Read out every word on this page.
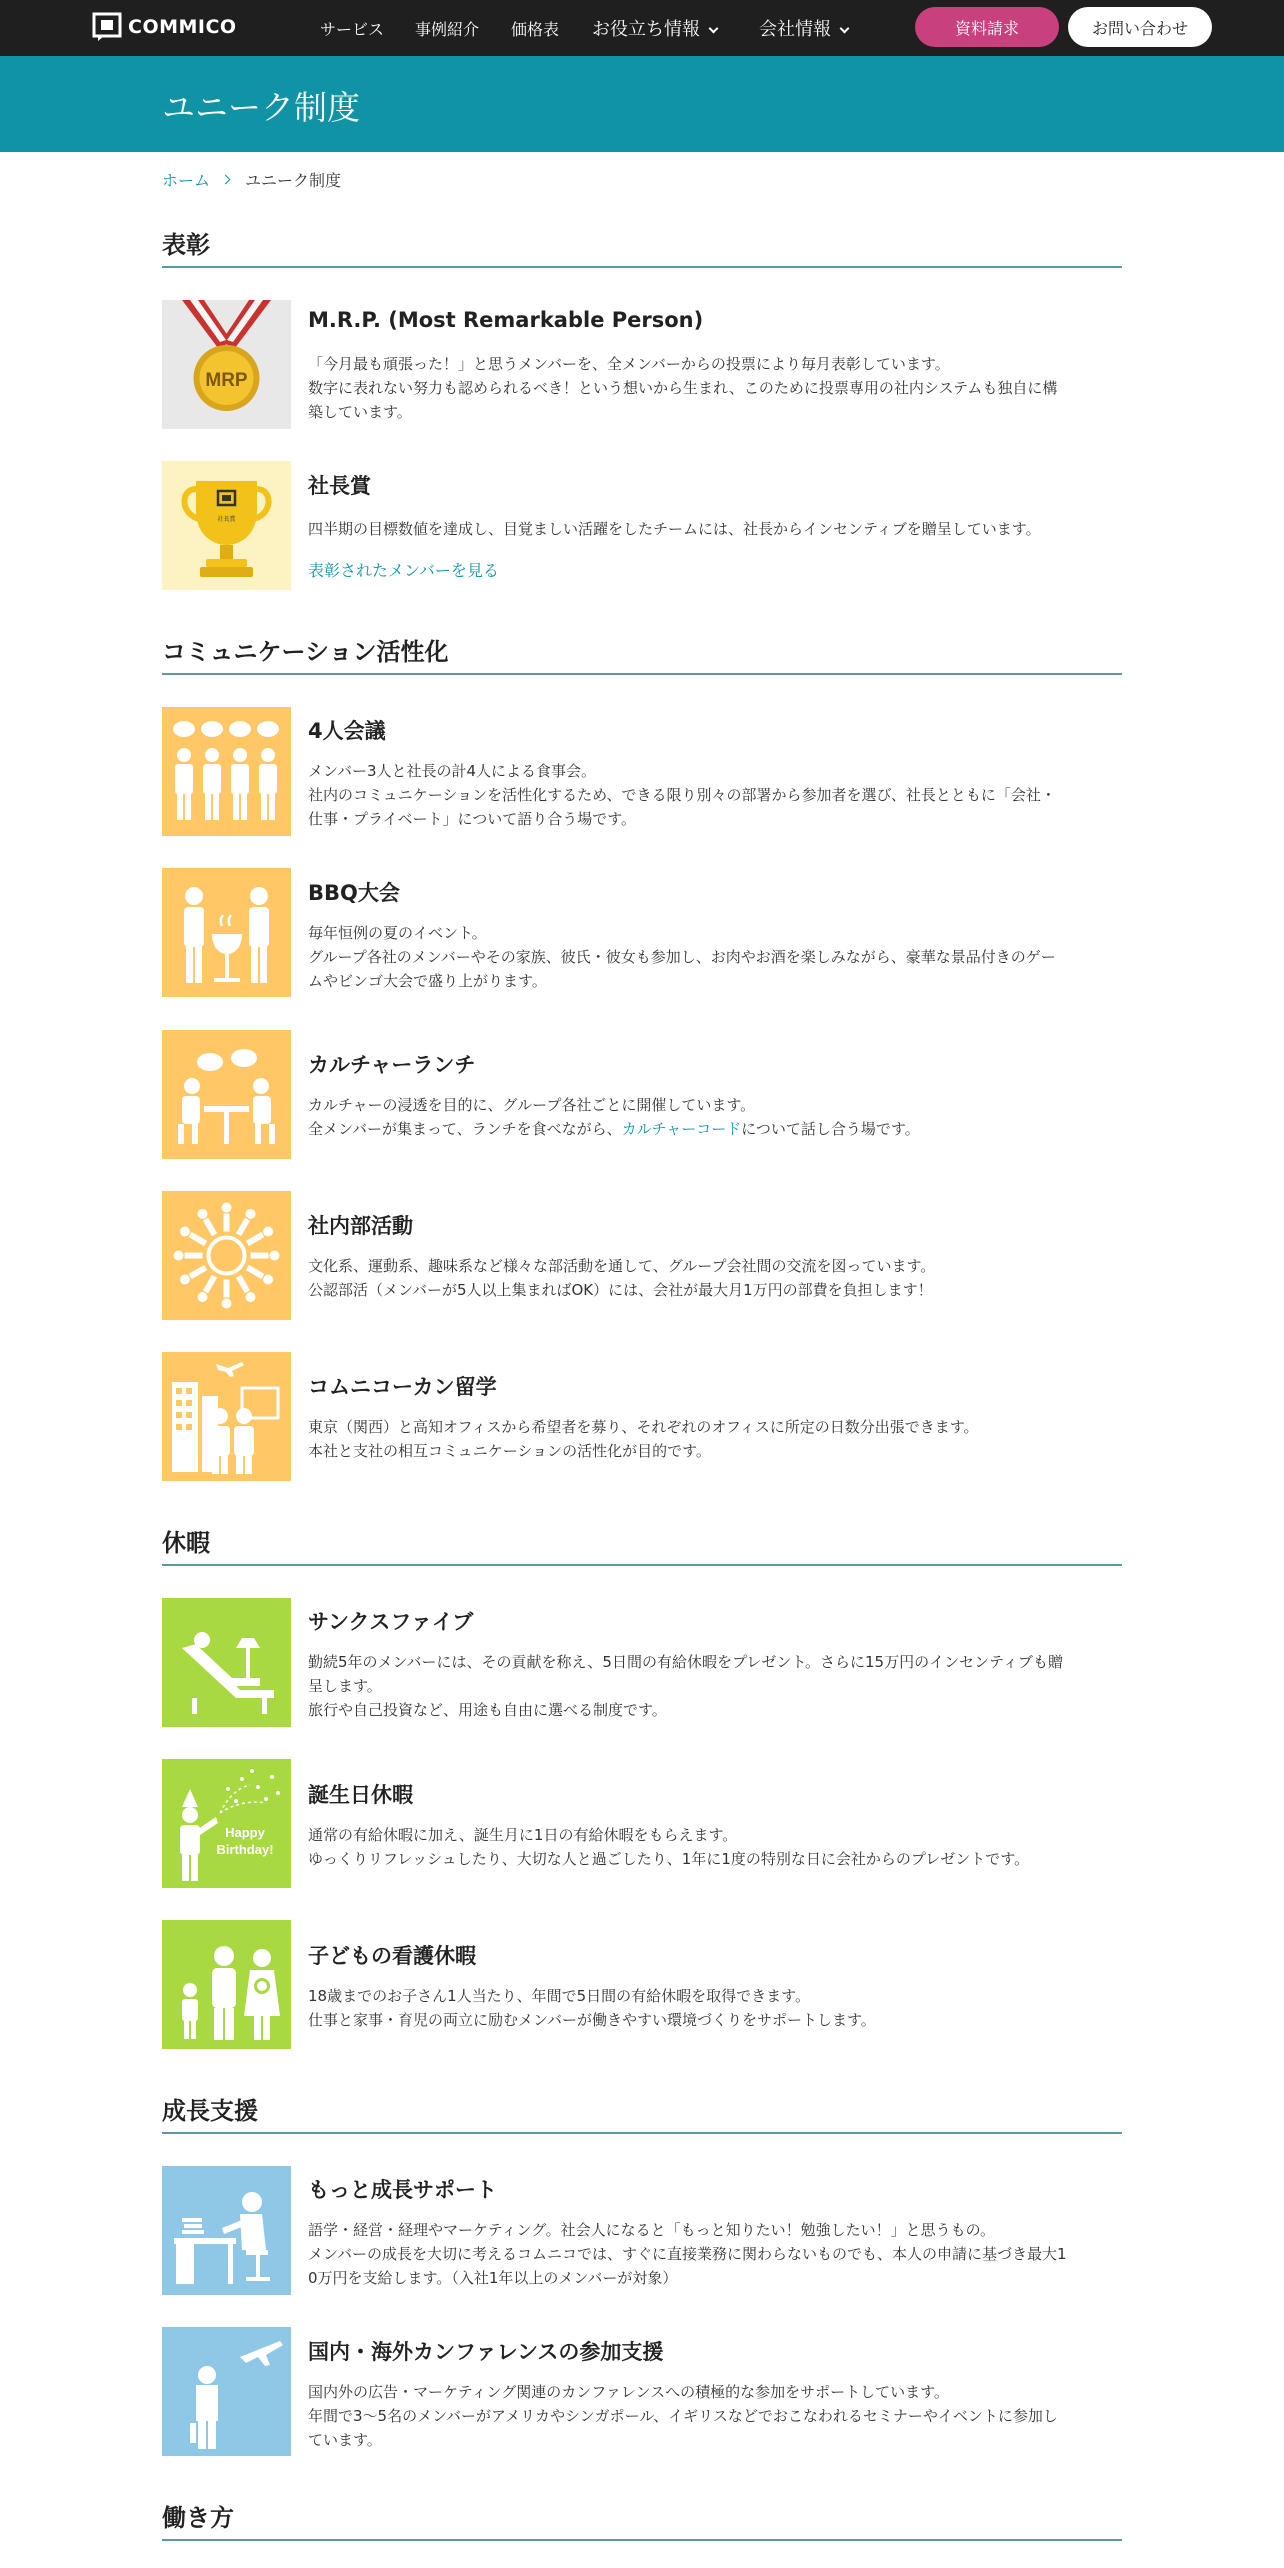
COMMICO	サービス 事例紹介 価格表 お役立ち情報	会社情報	資料請求	お問い合わせ
ユニーク制度
ホーム ユニーク制度
表彰
MRP
M.R.P. (Most Remarkable Person)
「今月最も頑張った！」と思うメンバーを、全メンバーからの投票により毎月表彰しています。
数字に表れない努力も認められるべき！という想いから生まれ、このために投票専用の社内システムも独自に構
築しています。
社長賞
社長賞
四半期の目標数値を達成し、目覚ましい活躍をしたチームには、社長からインセンティブを贈呈しています。
表彰されたメンバーを見る
コミュニケーション活性化
4人会議
メンバー3人と社長の計4人による食事会。
社内のコミュニケーションを活性化するため、できる限り別々の部署から参加者を選び、社長とともに「会社・
仕事・プライベート」について語り合う場です。
BBQ大会
毎年恒例の夏のイベント。
グループ各社のメンバーやその家族、彼氏・彼女も参加し、お肉やお酒を楽しみながら、豪華な景品付きのゲー
ムやビンゴ大会で盛り上がります。
カルチャーランチ
カルチャーの浸透を目的に、グループ各社ごとに開催しています。
全メンバーが集まって、ランチを食べながら、カルチャーコードについて話し合う場です。
社内部活動
文化系、運動系、趣味系など様々な部活動を通して、グループ会社間の交流を図っています。
公認部活（メンバーが5人以上集まればOK）には、会社が最大月1万円の部費を負担します！
コムニコーカン留学
東京（関西）と高知オフィスから希望者を募り、それぞれのオフィスに所定の日数分出張できます。
本社と支社の相互コミュニケーションの活性化が目的です。
休暇
サンクスファイブ
勤続5年のメンバーには、その貢献を称え、5日間の有給休暇をプレゼント。さらに15万円のインセンティブも贈
呈します。
旅行や自己投資など、用途も自由に選べる制度です。
Happy
Birthday!
誕生日休暇
通常の有給休暇に加え、誕生月に1日の有給休暇をもらえます。
ゆっくりリフレッシュしたり、大切な人と過ごしたり、1年に1度の特別な日に会社からのプレゼントです。
子どもの看護休暇
18歳までのお子さん1人当たり、年間で5日間の有給休暇を取得できます。
仕事と家事・育児の両立に励むメンバーが働きやすい環境づくりをサポートします。
成長支援
もっと成長サポート
語学・経営・経理やマーケティング。社会人になると「もっと知りたい！勉強したい！」と思うもの。
メンバーの成長を大切に考えるコムニコでは、すぐに直接業務に関わらないものでも、本人の申請に基づき最大1
0万円を支給します。（入社1年以上のメンバーが対象）
国内・海外カンファレンスの参加支援
国内外の広告・マーケティング関連のカンファレンスへの積極的な参加をサポートしています。
年間で3〜5名のメンバーがアメリカやシンガポール、イギリスなどでおこなわれるセミナーやイベントに参加し
ています。
働き方
